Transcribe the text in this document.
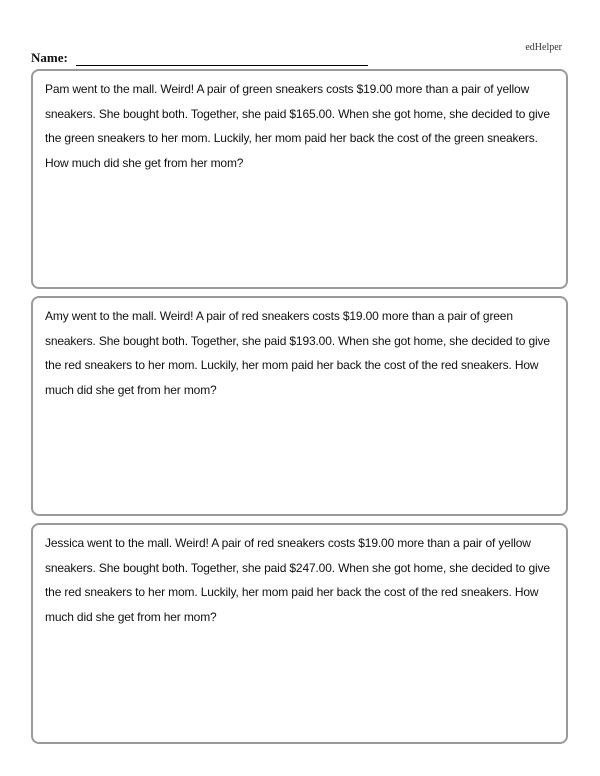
edHelper
Name:

Pam went to the mall. Weird! A pair of green sneakers costs $19.00 more than a pair of yellow sneakers. She bought both. Together, she paid $165.00. When she got home, she decided to give the green sneakers to her mom. Luckily, her mom paid her back the cost of the green sneakers. How much did she get from her mom?

Amy went to the mall. Weird! A pair of red sneakers costs $19.00 more than a pair of green sneakers. She bought both. Together, she paid $193.00. When she got home, she decided to give the red sneakers to her mom. Luckily, her mom paid her back the cost of the red sneakers. How much did she get from her mom?

Jessica went to the mall. Weird! A pair of red sneakers costs $19.00 more than a pair of yellow sneakers. She bought both. Together, she paid $247.00. When she got home, she decided to give the red sneakers to her mom. Luckily, her mom paid her back the cost of the red sneakers. How much did she get from her mom?
